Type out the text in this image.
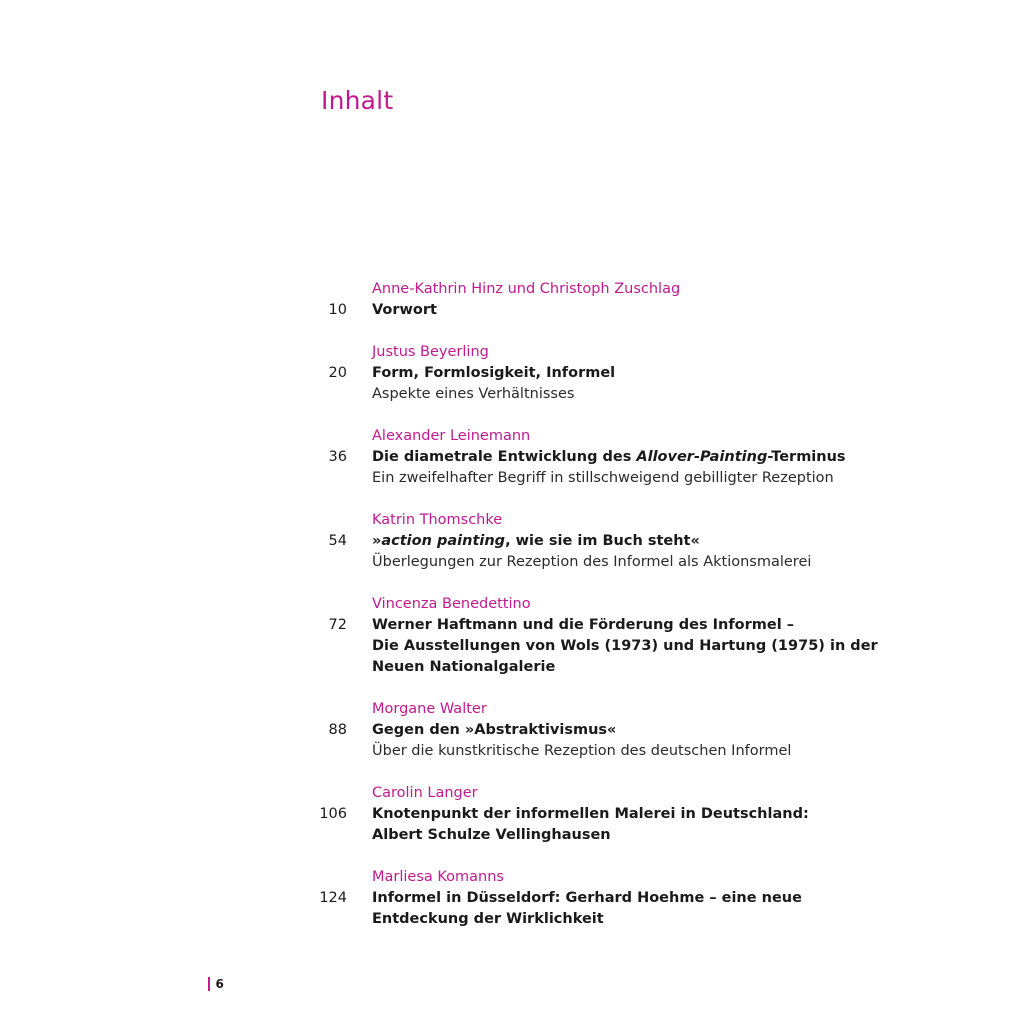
Inhalt
Anne-Kathrin Hinz und Christoph Zuschlag
10 Vorwort
Justus Beyerling
20 Form, Formlosigkeit, Informel
Aspekte eines Verhältnisses
Alexander Leinemann
36 Die diametrale Entwicklung des Allover-Painting-Terminus
Ein zweifelhafter Begriff in stillschweigend gebilligter Rezeption
Katrin Thomschke
54 »action painting, wie sie im Buch steht«
Überlegungen zur Rezeption des Informel als Aktionsmalerei
Vincenza Benedettino
72 Werner Haftmann und die Förderung des Informel –
Die Ausstellungen von Wols (1973) und Hartung (1975) in der
Neuen Nationalgalerie
Morgane Walter
88 Gegen den »Abstraktivismus«
Über die kunstkritische Rezeption des deutschen Informel
Carolin Langer
106 Knotenpunkt der informellen Malerei in Deutschland:
Albert Schulze Vellinghausen
Marliesa Komanns
124 Informel in Düsseldorf: Gerhard Hoehme – eine neue
Entdeckung der Wirklichkeit
6
